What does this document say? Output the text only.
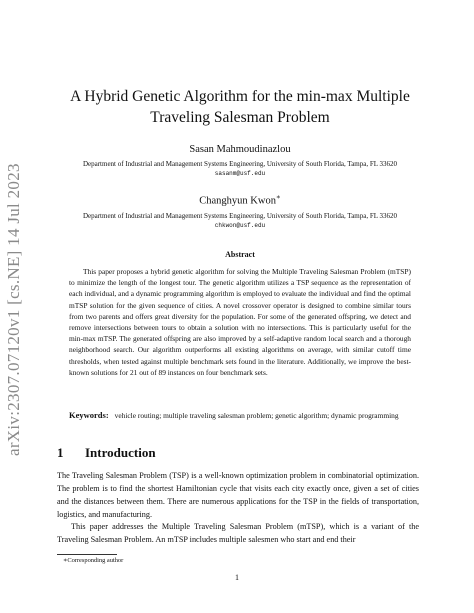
arXiv:2307.07120v1 [cs.NE] 14 Jul 2023
A Hybrid Genetic Algorithm for the min-max Multiple Traveling Salesman Problem
Sasan Mahmoudinazlou
Department of Industrial and Management Systems Engineering, University of South Florida, Tampa, FL 33620
sasanm@usf.edu
Changhyun Kwon∗
Department of Industrial and Management Systems Engineering, University of South Florida, Tampa, FL 33620
chkwon@usf.edu
Abstract
This paper proposes a hybrid genetic algorithm for solving the Multiple Traveling Salesman Problem (mTSP) to minimize the length of the longest tour. The genetic algorithm utilizes a TSP sequence as the representation of each individual, and a dynamic programming algorithm is employed to evaluate the individual and find the optimal mTSP solution for the given sequence of cities. A novel crossover operator is designed to combine similar tours from two parents and offers great diversity for the population. For some of the generated offspring, we detect and remove intersections between tours to obtain a solution with no intersections. This is particularly useful for the min-max mTSP. The generated offspring are also improved by a self-adaptive random local search and a thorough neighborhood search. Our algorithm outperforms all existing algorithms on average, with similar cutoff time thresholds, when tested against multiple benchmark sets found in the literature. Additionally, we improve the best-known solutions for 21 out of 89 instances on four benchmark sets.
Keywords: vehicle routing; multiple traveling salesman problem; genetic algorithm; dynamic programming
1 Introduction
The Traveling Salesman Problem (TSP) is a well-known optimization problem in combinatorial optimization. The problem is to find the shortest Hamiltonian cycle that visits each city exactly once, given a set of cities and the distances between them. There are numerous applications for the TSP in the fields of transportation, logistics, and manufacturing.
This paper addresses the Multiple Traveling Salesman Problem (mTSP), which is a variant of the Traveling Salesman Problem. An mTSP includes multiple salesmen who start and end their
∗Corresponding author
1
